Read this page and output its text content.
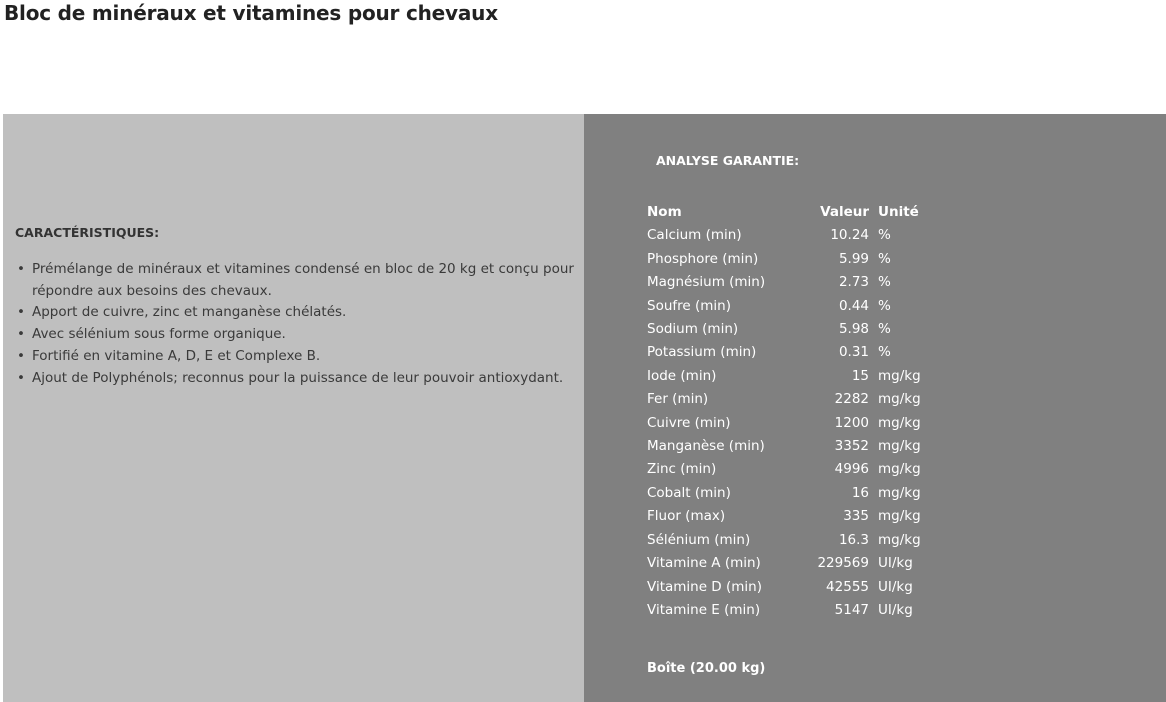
Bloc de minéraux et vitamines pour chevaux
CARACTÉRISTIQUES:
• Prémélange de minéraux et vitamines condensé en bloc de 20 kg et conçu pour répondre aux besoins des chevaux.
• Apport de cuivre, zinc et manganèse chélatés.
• Avec sélénium sous forme organique.
• Fortifié en vitamine A, D, E et Complexe B.
• Ajout de Polyphénols; reconnus pour la puissance de leur pouvoir antioxydant.
ANALYSE GARANTIE:
Nom	Valeur	Unité
Calcium (min)	10.24	%
Phosphore (min)	5.99	%
Magnésium (min)	2.73	%
Soufre (min)	0.44	%
Sodium (min)	5.98	%
Potassium (min)	0.31	%
Iode (min)	15	mg/kg
Fer (min)	2282	mg/kg
Cuivre (min)	1200	mg/kg
Manganèse (min)	3352	mg/kg
Zinc (min)	4996	mg/kg
Cobalt (min)	16	mg/kg
Fluor (max)	335	mg/kg
Sélénium (min)	16.3	mg/kg
Vitamine A (min)	229569	UI/kg
Vitamine D (min)	42555	UI/kg
Vitamine E (min)	5147	UI/kg
Boîte (20.00 kg)
